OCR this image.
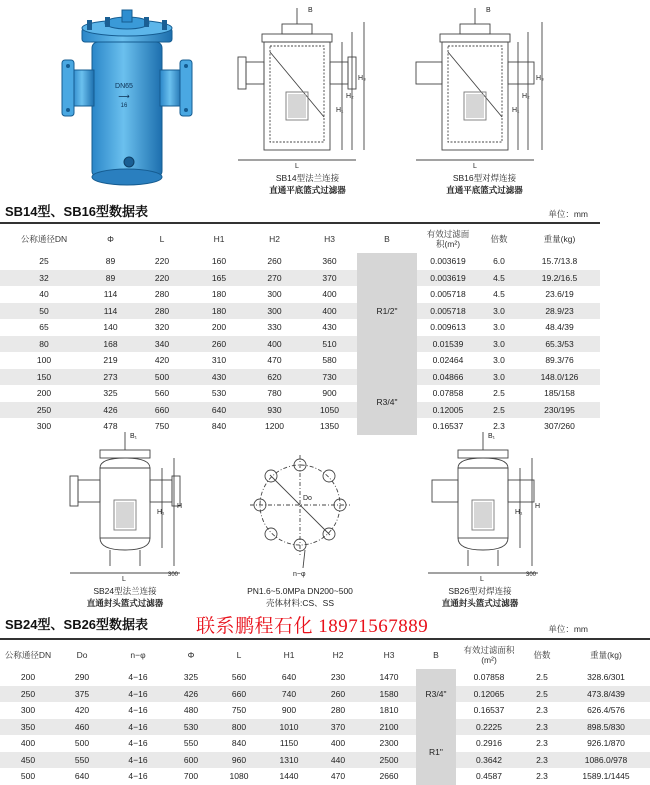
DN65
⟶
16
B
L
H₁
H₂
H₃
B
L
H₁
H₂
H₃
SB14型法兰连接
直通平底篮式过滤器
SB16型对焊连接
直通平底篮式过滤器
SB14型、SB16型数据表	单位：mm
公称通径DN	Φ	L	H1	H2	H3	B	有效过滤面积(m²)	倍数	重量(kg)
25	89	220	160	260	360	R1/2"	0.003619	6.0	15.7/13.8
32	89	220	165	270	370		0.003619	4.5	19.2/16.5
40	114	280	180	300	400		0.005718	4.5	23.6/19
50	114	280	180	300	400		0.005718	3.0	28.9/23
65	140	320	200	330	430		0.009613	3.0	48.4/39
80	168	340	260	400	510		0.01539	3.0	65.3/53
100	219	420	310	470	580		0.02464	3.0	89.3/76
150	273	500	430	620	730	R3/4"	0.04866	3.0	148.0/126
200	325	560	530	780	900		0.07858	2.5	185/158
250	426	660	640	930	1050		0.12005	2.5	230/195
300	478	750	840	1200	1350		0.16537	2.3	307/260
B₁
H₁
H
L
300
Do
n−φ
B₁
H₁
H
L
300
SB24型法兰连接
直通封头篮式过滤器
PN1.6~5.0MPa DN200~500
壳体材料:CS、SS
SB26型对焊连接
直通封头篮式过滤器
SB24型、SB26型数据表	联系鹏程石化 18971567889	单位：mm
公称通径DN	Do	n−φ	Φ	L	H1	H2	H3	B	有效过滤面积(m²)	倍数	重量(kg)
200	290	4−16	325	560	640	230	1470	R3/4"	0.07858	2.5	328.6/301
250	375	4−16	426	660	740	260	1580		0.12065	2.5	473.8/439
300	420	4−16	480	750	900	280	1810		0.16537	2.3	626.4/576
350	460	4−16	530	800	1010	370	2100	R1"	0.2225	2.3	898.5/830
400	500	4−16	550	840	1150	400	2300		0.2916	2.3	926.1/870
450	550	4−16	600	960	1310	440	2500		0.3642	2.3	1086.0/978
500	640	4−16	700	1080	1440	470	2660		0.4587	2.3	1589.1/1445
